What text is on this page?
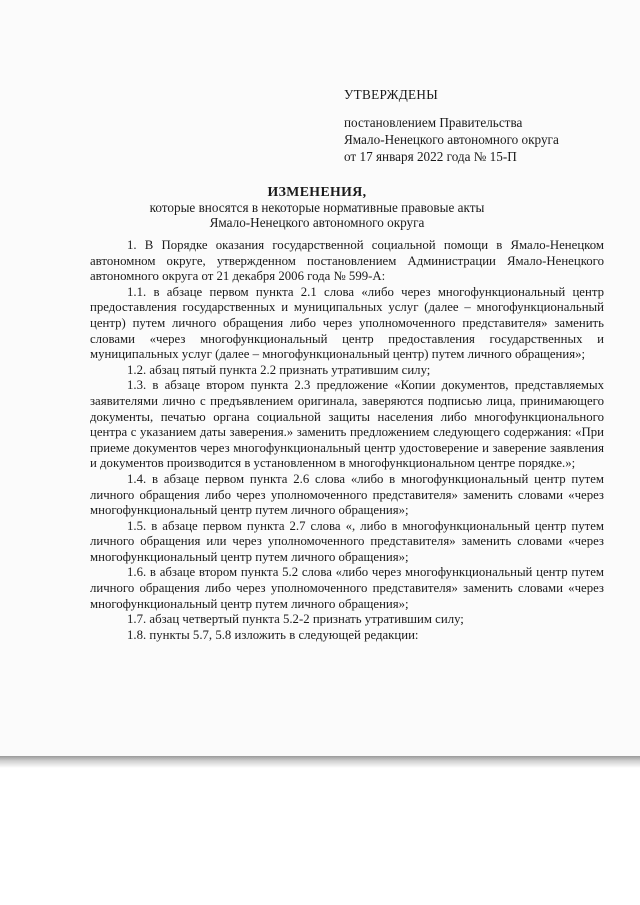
УТВЕРЖДЕНЫ
постановлением Правительства
Ямало-Ненецкого автономного округа
от 17 января 2022 года № 15-П
ИЗМЕНЕНИЯ,
которые вносятся в некоторые нормативные правовые акты
Ямало-Ненецкого автономного округа

1. В Порядке оказания государственной социальной помощи в Ямало-Ненецком автономном округе, утвержденном постановлением Администрации Ямало-Ненецкого автономного округа от 21 декабря 2006 года № 599-А:

1.1. в абзаце первом пункта 2.1 слова «либо через многофункциональный центр предоставления государственных и муниципальных услуг (далее – многофункциональный центр) путем личного обращения либо через уполномоченного представителя» заменить словами «через многофункциональный центр предоставления государственных и муниципальных услуг (далее – многофункциональный центр) путем личного обращения»;

1.2. абзац пятый пункта 2.2 признать утратившим силу;

1.3. в абзаце втором пункта 2.3 предложение «Копии документов, представляемых заявителями лично с предъявлением оригинала, заверяются подписью лица, принимающего документы, печатью органа социальной защиты населения либо многофункционального центра с указанием даты заверения.» заменить предложением следующего содержания: «При приеме документов через многофункциональный центр удостоверение и заверение заявления и документов производится в установленном в многофункциональном центре порядке.»;

1.4. в абзаце первом пункта 2.6 слова «либо в многофункциональный центр путем личного обращения либо через уполномоченного представителя» заменить словами «через многофункциональный центр путем личного обращения»;

1.5. в абзаце первом пункта 2.7 слова «, либо в многофункциональный центр путем личного обращения или через уполномоченного представителя» заменить словами «через многофункциональный центр путем личного обращения»;

1.6. в абзаце втором пункта 5.2 слова «либо через многофункциональный центр путем личного обращения либо через уполномоченного представителя» заменить словами «через многофункциональный центр путем личного обращения»;

1.7. абзац четвертый пункта 5.2-2 признать утратившим силу;

1.8. пункты 5.7, 5.8 изложить в следующей редакции:
